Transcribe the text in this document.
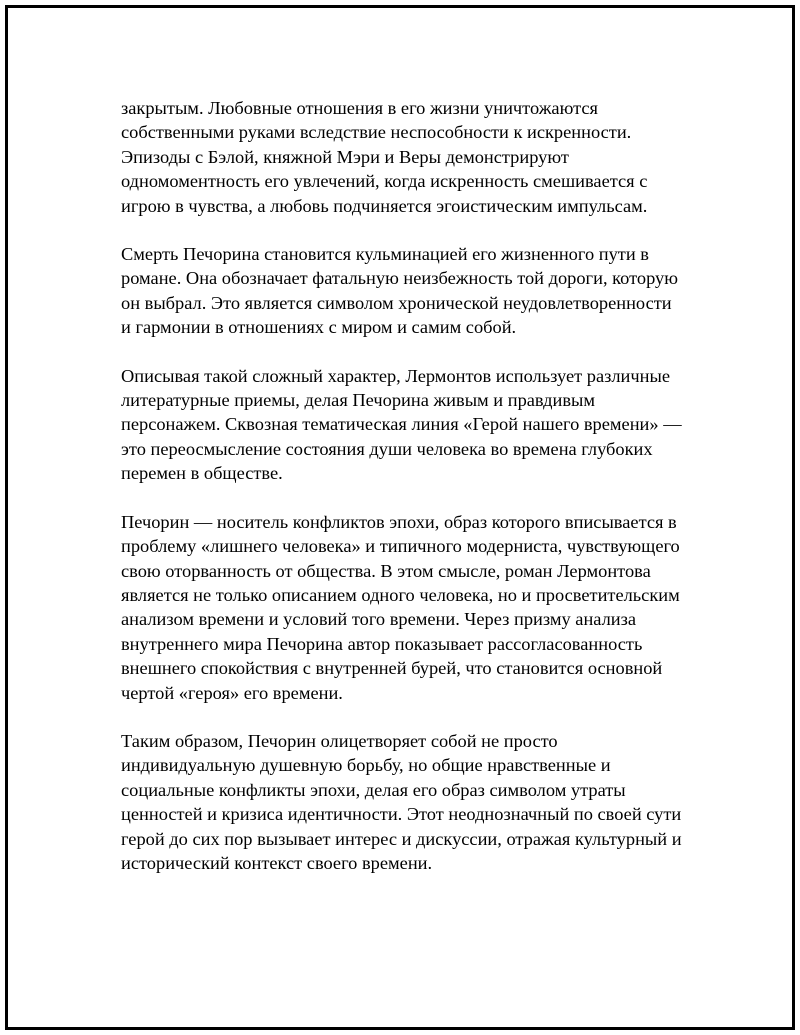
закрытым. Любовные отношения в его жизни уничтожаются
собственными руками вследствие неспособности к искренности.
Эпизоды с Бэлой, княжной Мэри и Веры демонстрируют
одномоментность его увлечений, когда искренность смешивается с
игрою в чувства, а любовь подчиняется эгоистическим импульсам.

Смерть Печорина становится кульминацией его жизненного пути в
романе. Она обозначает фатальную неизбежность той дороги, которую
он выбрал. Это является символом хронической неудовлетворенности
и гармонии в отношениях с миром и самим собой.

Описывая такой сложный характер, Лермонтов использует различные
литературные приемы, делая Печорина живым и правдивым
персонажем. Сквозная тематическая линия «Герой нашего времени» —
это переосмысление состояния души человека во времена глубоких
перемен в обществе.

Печорин — носитель конфликтов эпохи, образ которого вписывается в
проблему «лишнего человека» и типичного модерниста, чувствующего
свою оторванность от общества. В этом смысле, роман Лермонтова
является не только описанием одного человека, но и просветительским
анализом времени и условий того времени. Через призму анализа
внутреннего мира Печорина автор показывает рассогласованность
внешнего спокойствия с внутренней бурей, что становится основной
чертой «героя» его времени.

Таким образом, Печорин олицетворяет собой не просто
индивидуальную душевную борьбу, но общие нравственные и
социальные конфликты эпохи, делая его образ символом утраты
ценностей и кризиса идентичности. Этот неоднозначный по своей сути
герой до сих пор вызывает интерес и дискуссии, отражая культурный и
исторический контекст своего времени.
